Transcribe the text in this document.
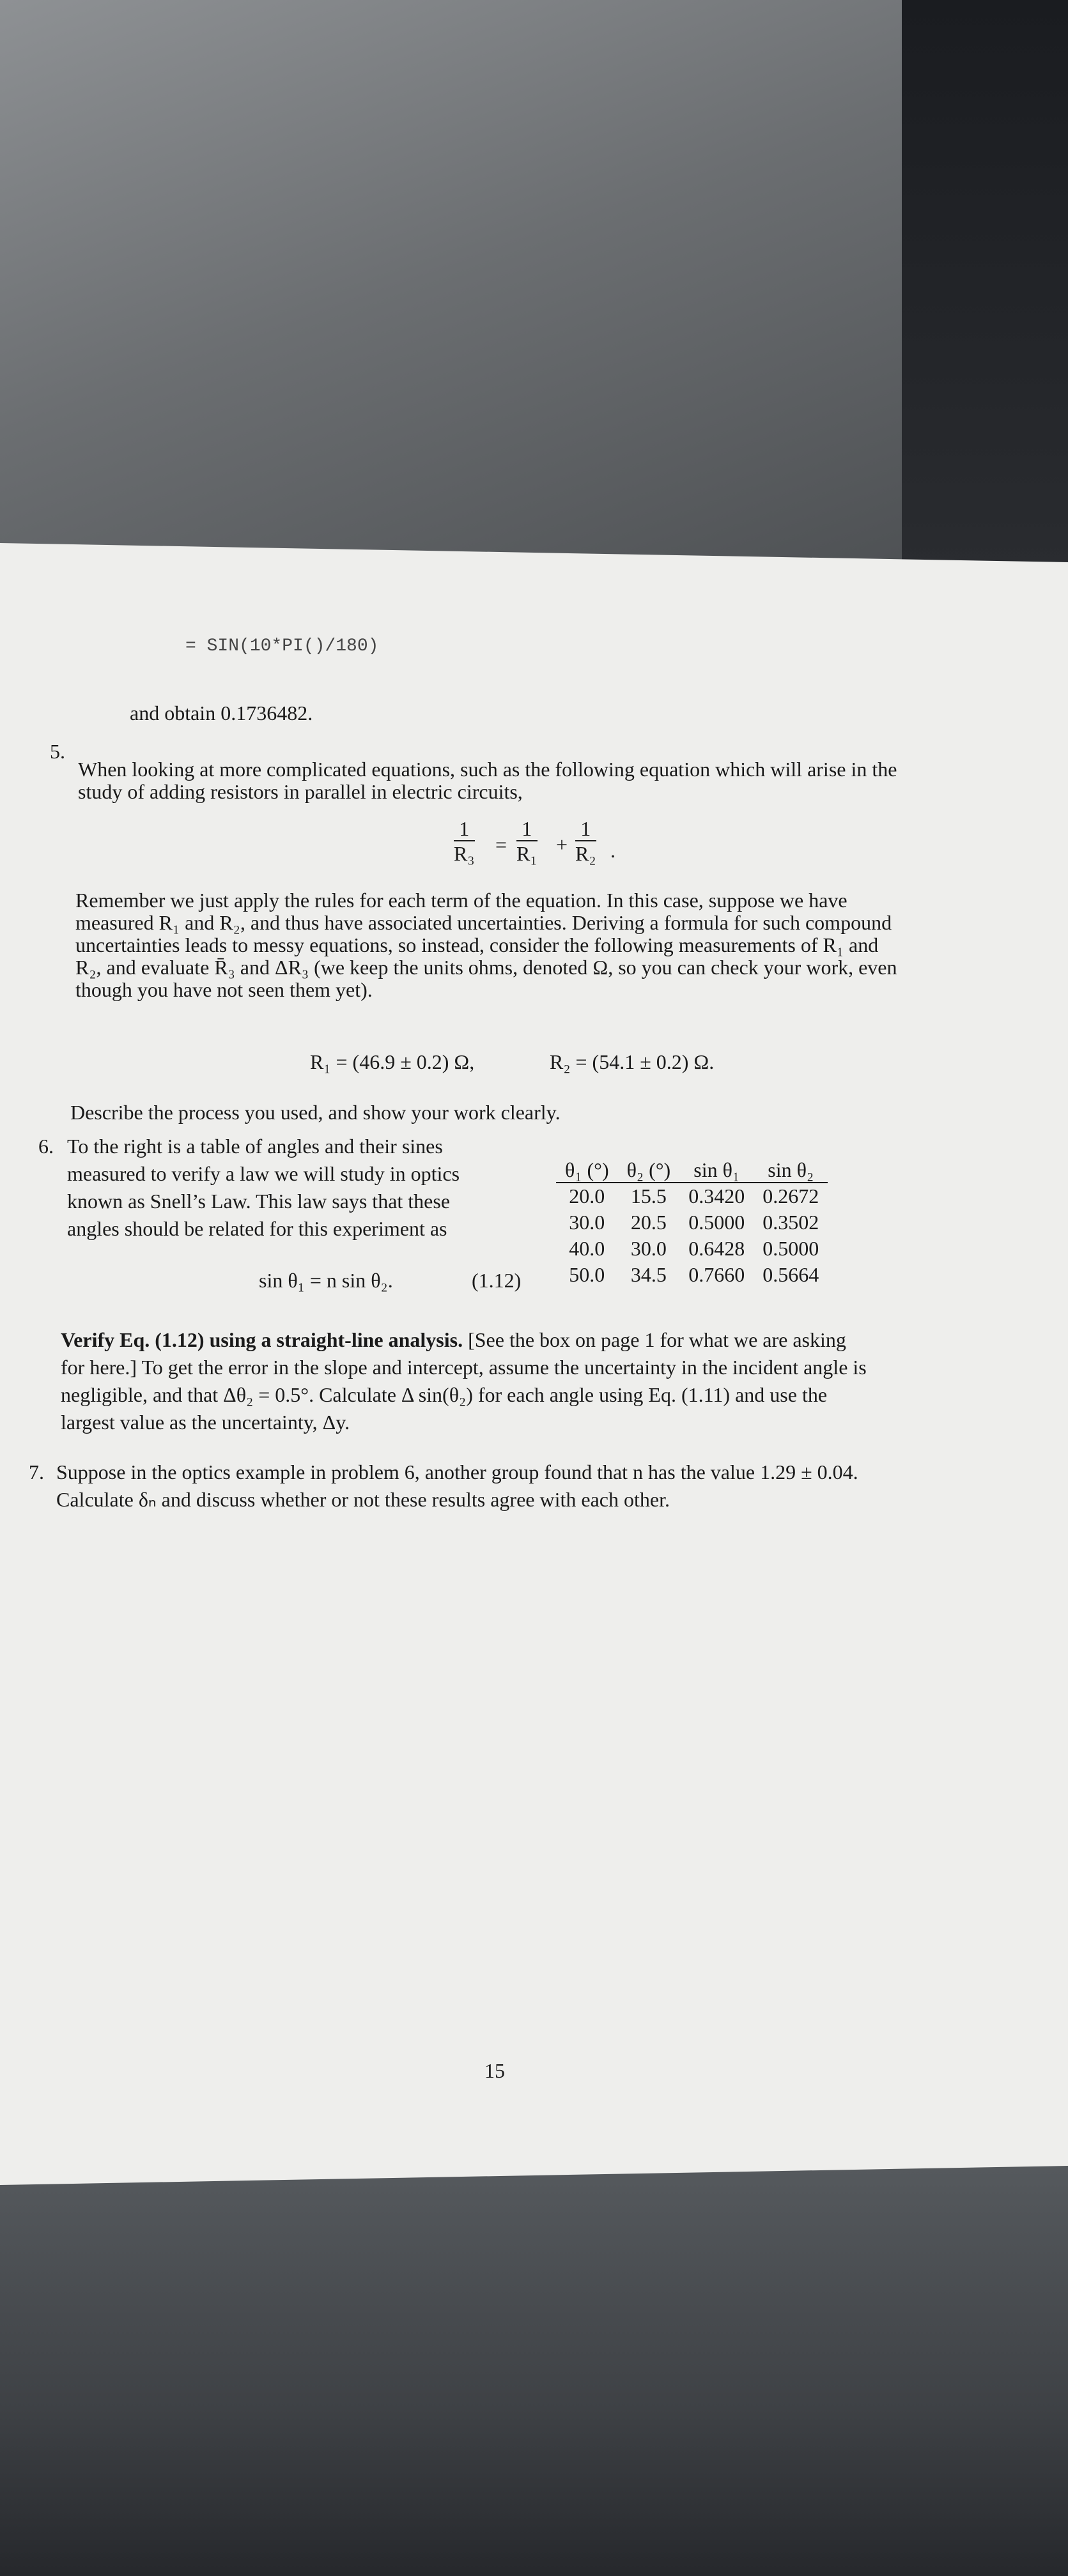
= SIN(10*PI()/180)
and obtain 0.1736482.
5.
When looking at more complicated equations, such as the following equation which will arise in the
study of adding resistors in parallel in electric circuits,
$\frac{1}{\text{R₃}} = \frac{1}{\text{R₁}} + \frac{1}{\text{R₂}}$ .
Remember we just apply the rules for each term of the equation. In this case, suppose we have
measured R₁ and R₂, and thus have associated uncertainties. Deriving a formula for such compound
uncertainties leads to messy equations, so instead, consider the following measurements of R₁ and
R₂, and evaluate R̄₃ and ΔR₃ (we keep the units ohms, denoted Ω, so you can check your work, even
though you have not seen them yet).
R₁ = (46.9 ± 0.2) Ω,	R₂ = (54.1 ± 0.2) Ω.
Describe the process you used, and show your work clearly.
6. To the right is a table of angles and their sines
measured to verify a law we will study in optics
known as Snell’s Law. This law says that these
angles should be related for this experiment as
sin θ₁ = n sin θ₂.	(1.12)
θ₁ (°)	θ₂ (°)	sin θ₁	sin θ₂
20.0	15.5	0.3420	0.2672
30.0	20.5	0.5000	0.3502
40.0	30.0	0.6428	0.5000
50.0	34.5	0.7660	0.5664
Verify Eq. (1.12) using a straight-line analysis. [See the box on page 1 for what we are asking
for here.] To get the error in the slope and intercept, assume the uncertainty in the incident angle is
negligible, and that Δθ₂ = 0.5°. Calculate Δ sin(θ₂) for each angle using Eq. (1.11) and use the
largest value as the uncertainty, Δy.
7. Suppose in the optics example in problem 6, another group found that n has the value 1.29 ± 0.04.
Calculate δₙ and discuss whether or not these results agree with each other.
15
